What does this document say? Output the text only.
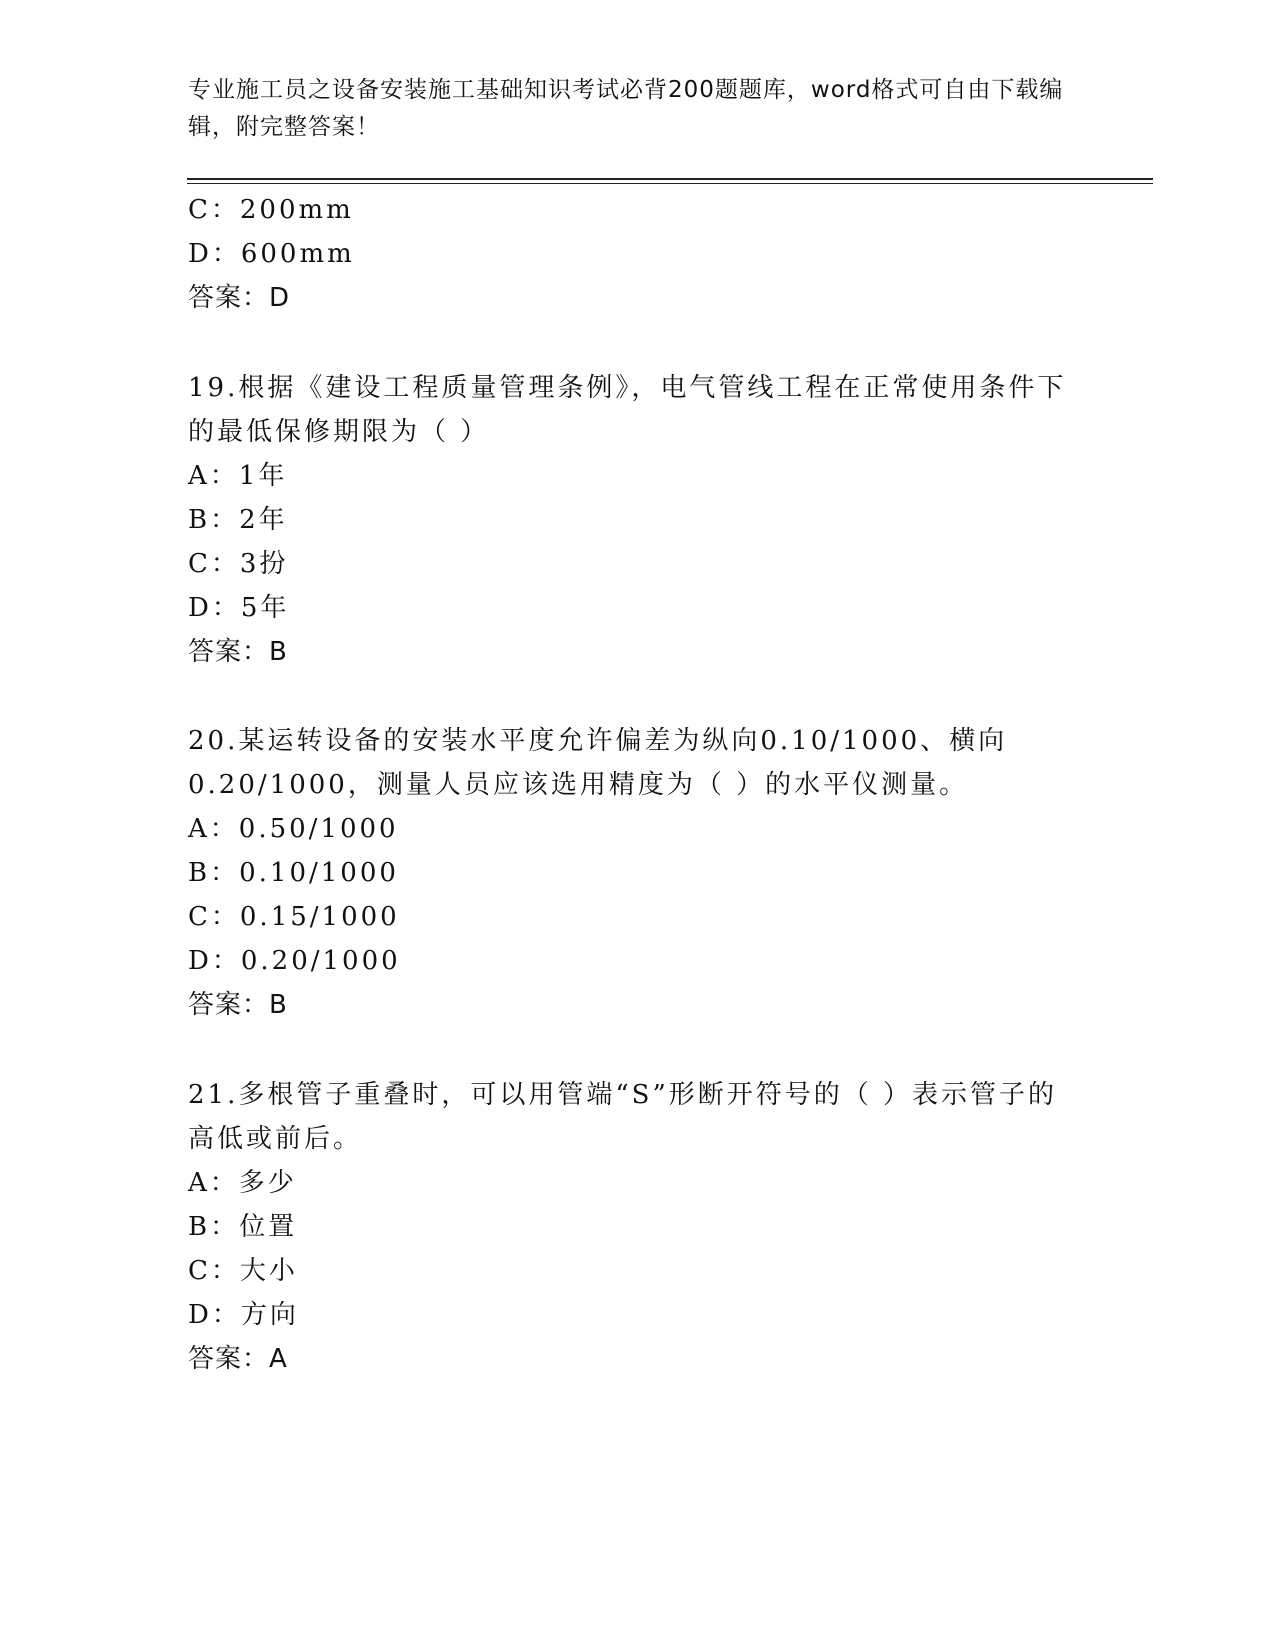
专业施工员之设备安装施工基础知识考试必背200题题库，word格式可自由下载编辑，附完整答案！

C：200mm

D：600mm

答案：D

19.根据《建设工程质量管理条例》，电气管线工程在正常使用条件下

的最低保修期限为（ ）

A：1年

B：2年

C：3扮

D：5年

答案：B

20.某运转设备的安装水平度允许偏差为纵向0.10/1000、横向

0.20/1000，测量人员应该选用精度为（ ）的水平仪测量。

A：0.50/1000

B：0.10/1000

C：0.15/1000

D：0.20/1000

答案：B

21.多根管子重叠时，可以用管端“S”形断开符号的（ ）表示管子的

高低或前后。

A：多少

B：位置

C：大小

D：方向

答案：A
